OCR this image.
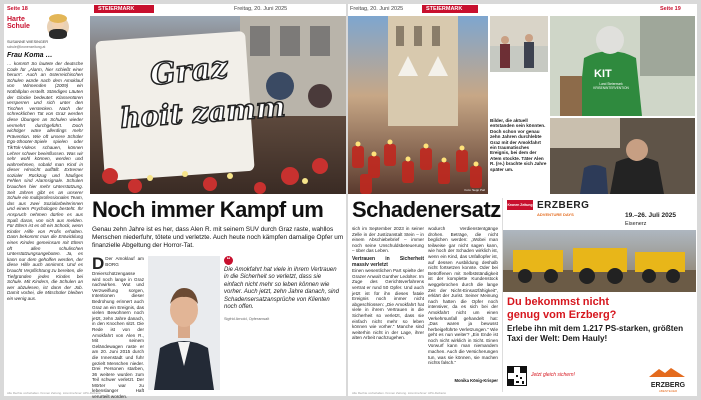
Seite 18	STEIERMARK	Freitag, 20. Juni 2025
Harte Schule
SUSANNE WIESINGER
schule@kronenzeitung.at
Frau Koma …
… kommt! So lautete der deutsche Code für „Alarm, hier schießt einer herum“. Auch an österreichischen Schulen würde nach dem Amoklauf von Winnenden (2009) ein Notfallplan erstellt. Ständiges Läuten der Glocke bedeutet: Klassentüren versperren und sich unter den Tischen verstecken. Nach der schrecklichen Tat von Graz werden diese Übungen an Schulen wieder vermehrt durchgeführt. Doch wichtiger wäre allerdings mehr Prävention. Wie oft unsere Schüler Ego-Shooter-Spiele spielen oder TikTok-Videos schauen, können Lehrer schwer beeinflussen. Was wir sehr wohl können, werden und wahrnehmen, sobald man Kind in dieser Hinsicht auffällt. Extremer sozialer Rückzug und häufiges Fehlen sind Alarmsignale. Schulen brauchen hier mehr Unterstützung. Seit Jahren gibt es an unserer Schule ein multiprofessionales Team, das aus zwei Sozialarbeiterinnen und einem Psychologen besteht. Ihr Anspruch nehmen dürfen es aus Spaß daran, von sich aus melden. Für Eltern ist es oft ein Schock, wenn Kinder Hilfe von Profis erhalten. Dann bekommt man die Entwicklung eines Kindes gemeinsam mit Eltern oft allen schulischen Unterstützungsangeboten. Ja, es kann nur dem geholfen werden, der diese Hilfe auch annimmt. Und es braucht Verpflichtung zu bereiten, die Tiefgründen jedes Kindes bei Schule. Mit Kindern, die Schulen an wer abzulesen, ist dann der Job. Damit vorbei, die Mitschüler bleiben ein wenig aus.
Graz
hoit zamm
Noch immer Kampf um
Genau zehn Jahre ist es her, dass Alen R. mit seinem SUV durch Graz raste, wahllos Menschen niederfuhr, tötete und verletzte. Auch heute noch kämpfen damalige Opfer um finanzielle Abgeltung der Horror-Tat.
D Der Amoklauf am BORG Dreierschützengasse wird noch lange in Graz nachwirken. Wut und Verzweiflung sorgen, Intentionen dieser Bedrohung erinnert auch Graz an ein Ereignis, das vielen Bewohnern noch jetzt, zehn Jahre danach, in den Knochen sitzt. Die Rede ist von der Amokfahrt von Alen R., Mit seinem Geländewagen raste er am 20. Juni 2015 durch die Innenstadt und fuhr gezielt Menschen nieder. Drei Personen starben, 36 weitere wurden zum Teil schwer verletzt. Der Mörter war zu lebenslanger Haft verurteilt worden.
“
Die Amokfahrt hat viele in ihrem Vertrauen in die Sicherheit so verletzt, dass sie einfach nicht mehr so leben können wie vorher. Auch jetzt, zehn Jahre danach, sind Schadensersatzansprüche von Klienten noch offen.
Sigfrid Arnold, Opferanwalt
Alle Rechte vorbehalten. Kronen Zeitung. Lizenznehmer: APA-DeFacto
STEIERMARK
Freitag, 20. Juni 2025	Seite 19
Foto: Sepp Pail
KIT
Land Steiermark KRISENINTERVENTION
Bilder, die aktuell entstanden sein könnten. Doch schon vor genau zehn Jahren durchlebte Graz mit der Amokfahrt ein traumatisches Ereignis, bei dem der Atem stockte. Täter Alen R. (re.) brachte sich Jahre später um.
Schadenersatz
sich im September 2023 in seiner Zelle in der Justizanstalt Stein – in einem Abschiebebrief – immer noch seine Unschuldsbeteuerung – über das Leben.
Vertrauen in Sicherheit massiv verletzt
Einen wesentlichen Part spielte der Grazer Anwalt Gunther Ledolter. Im Zuge des Gerichtsverfahrens vertrat er rund 50 Opfer. Und auch jetzt ist für ihn dieses fatale Ereignis noch immer nicht abgeschlossen: „Die Amokfahrt hat viele in ihrem Vertrauen in die Sicherheit so verletzt, dass sie einfach nicht mehr so leben können wie vorher.“ Manche sind weiterhin nicht in der Lage, ihrer alten Arbeit nachzugehen.
wodurch Verdienstentgänge drohen. Beträge, die nicht beglichen werden: „Wobei man teilweise gar nicht sagen kann, wie hoch der Schaden wirklich ist, wenn ein Kind, das Unfallopfer ist, auf dessen Ausbildung deshalb nicht fortsetzen konnte. Oder bei Betroffenen mit Selbstständigkeit ist der komplette Kundenstock weggebrochen durch die lange Zeit der Nicht-Einsatzfähigkeit“, erklärt der Jurist. Seiner Meinung nach hatten die Opfer noch intensiver, da es sich bei der Amokfahrt nicht um einen Verkehrsunfall gehandelt hat: „Das waren ja bewusst herbeigeführte Verletzungen.“ Wie geht es nun weiter? „Ein Ende ist noch nicht wirklich in Sicht. Einen Vorwurf kann man niemandem machen. Auch die Versicherungen tun, was sie können, sie machen nichts falsch.“
Monika König-Krisper
Kronen Zeitung ERZBERG
ADVENTURE DAYS	19.–26. Juli 2025
Eisenerz
Du bekommst nicht
genug vom Erzberg?
Erlebe ihn mit dem 1.217 PS-starken, größten Taxi der Welt: Dem Hauly!
Jetzt gleich sichern!
ERZBERG
ABENTEUER
Alle Rechte vorbehalten. Kronen Zeitung. Lizenznehmer: APA-DeFacto
